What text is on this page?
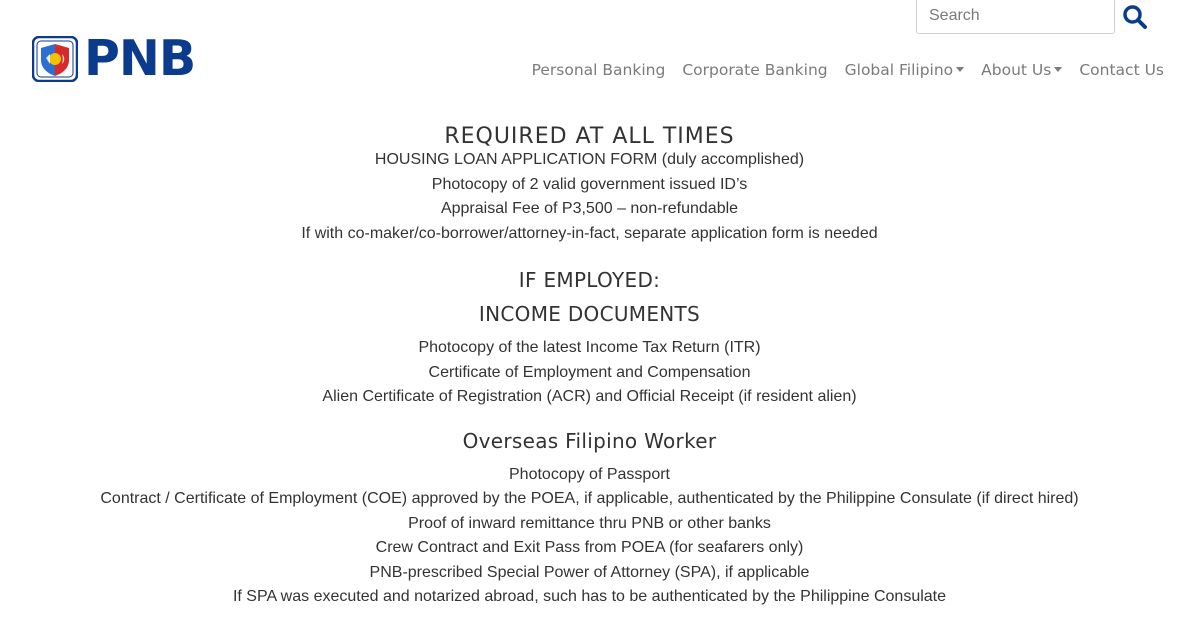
REQUIRED AT ALL TIMES
HOUSING LOAN APPLICATION FORM (duly accomplished)
Photocopy of 2 valid government issued ID’s
Appraisal Fee of P3,500 – non-refundable
If with co-maker/co-borrower/attorney-in-fact, separate application form is needed
IF EMPLOYED:
INCOME DOCUMENTS
Photocopy of the latest Income Tax Return (ITR)
Certificate of Employment and Compensation
Alien Certificate of Registration (ACR) and Official Receipt (if resident alien)
Overseas Filipino Worker
Photocopy of Passport
Contract / Certificate of Employment (COE) approved by the POEA, if applicable, authenticated by the Philippine Consulate (if direct hired)
Proof of inward remittance thru PNB or other banks
Crew Contract and Exit Pass from POEA (for seafarers only)
PNB-prescribed Special Power of Attorney (SPA), if applicable
If SPA was executed and notarized abroad, such has to be authenticated by the Philippine Consulate
PNB
Search	Personal Banking Corporate Banking Global Filipino	About Us	Contact Us
